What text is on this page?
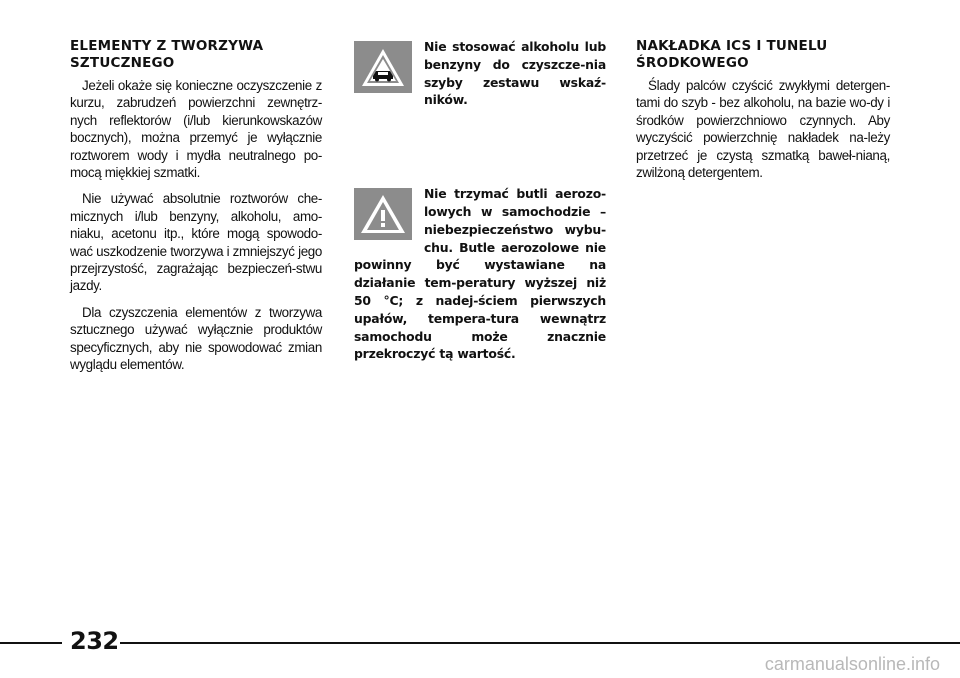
ELEMENTY Z TWORZYWA SZTUCZNEGO

Jeżeli okaże się konieczne oczyszczenie z kurzu, zabrudzeń powierzchni zewnętrz-nych reflektorów (i/lub kierunkowskazów bocznych), można przemyć je wyłącznie roztworem wody i mydła neutralnego po-mocą miękkiej szmatki.

Nie używać absolutnie roztworów che-micznych i/lub benzyny, alkoholu, amo-niaku, acetonu itp., które mogą spowodo-wać uszkodzenie tworzywa i zmniejszyć jego przejrzystość, zagrażając bezpieczeń-stwu jazdy.

Dla czyszczenia elementów z tworzywa sztucznego używać wyłącznie produktów specyficznych, aby nie spowodować zmian wyglądu elementów.

Nie stosować alkoholu lub benzyny do czyszcze-nia szyby zestawu wskaź-ników.

Nie trzymać butli aerozo-lowych w samochodzie – niebezpieczeństwo wybu-chu. Butle aerozolowe nie powinny być wystawiane na działanie tem-peratury wyższej niż 50 °C; z nadej-ściem pierwszych upałów, tempera-tura wewnątrz samochodu może znacznie przekroczyć tą wartość.

NAKŁADKA ICS I TUNELU ŚRODKOWEGO

Ślady palców czyścić zwykłymi detergen-tami do szyb - bez alkoholu, na bazie wo-dy i środków powierzchniowo czynnych. Aby wyczyścić powierzchnię nakładek na-leży przetrzeć je czystą szmatką baweł-nianą, zwilżoną detergentem.

232
carmanualsonline.info
